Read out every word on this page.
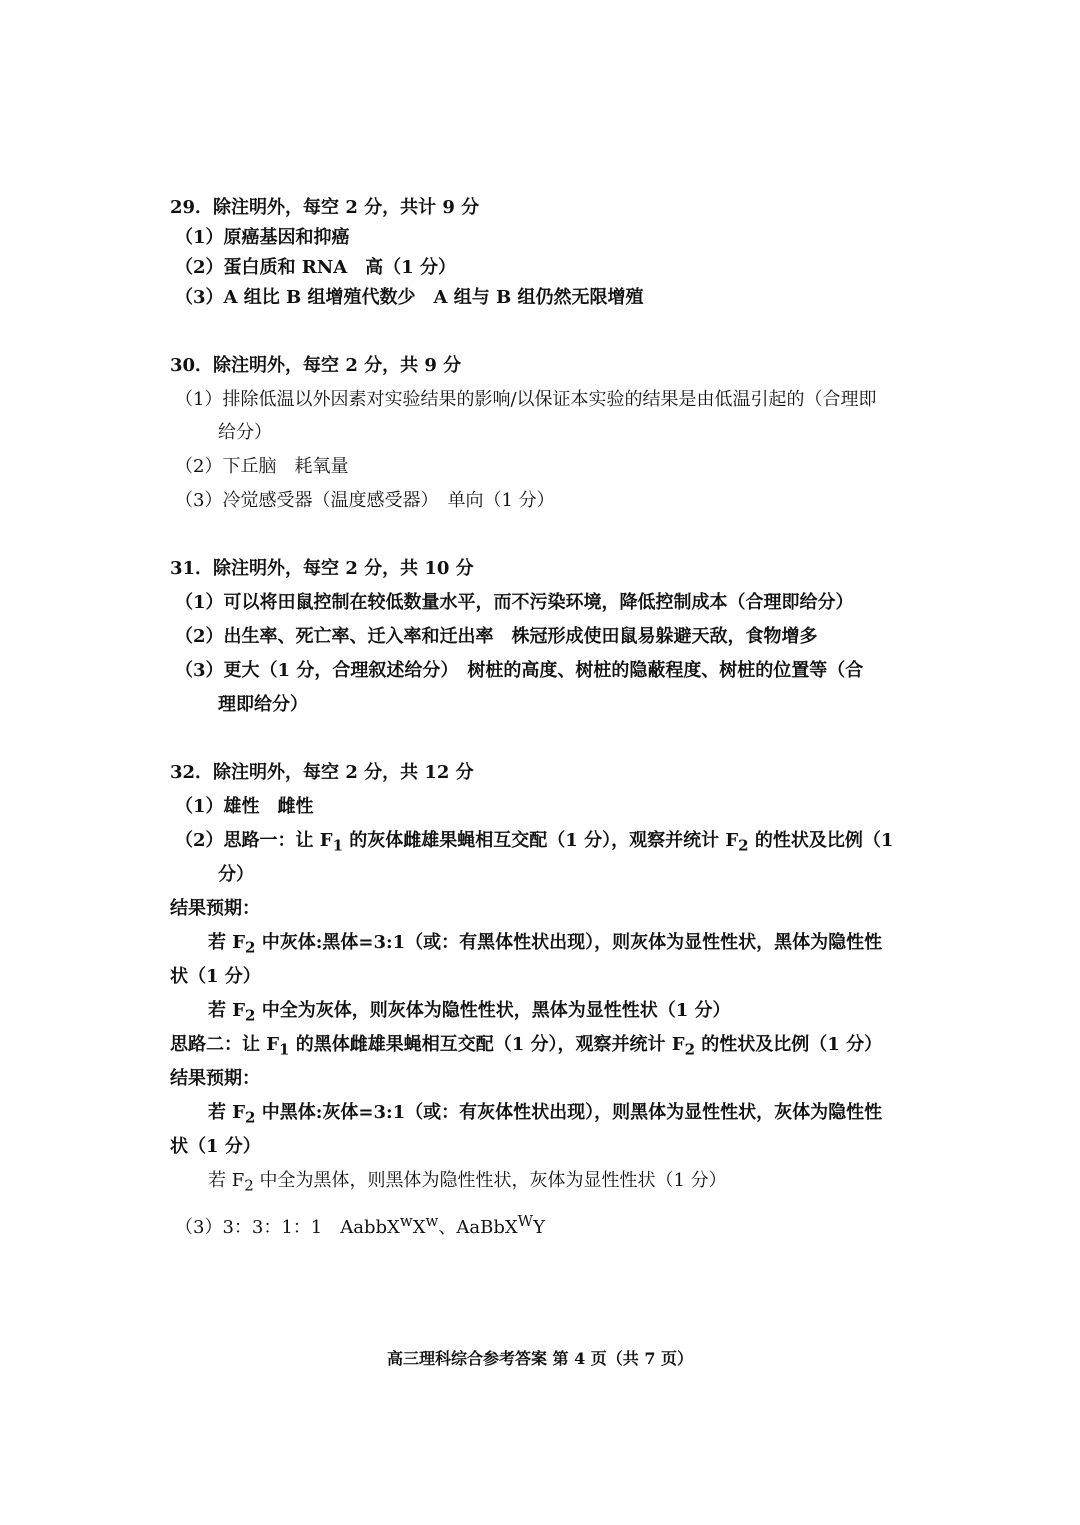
29．除注明外，每空 2 分，共计 9 分
（1）原癌基因和抑癌
（2）蛋白质和 RNA　高（1 分）
（3）A 组比 B 组增殖代数少　A 组与 B 组仍然无限增殖
30．除注明外，每空 2 分，共 9 分
（1）排除低温以外因素对实验结果的影响/以保证本实验的结果是由低温引起的（合理即
给分）
（2）下丘脑　耗氧量
（3）冷觉感受器（温度感受器）　单向（1 分）
31．除注明外，每空 2 分，共 10 分
（1）可以将田鼠控制在较低数量水平，而不污染环境，降低控制成本（合理即给分）
（2）出生率、死亡率、迁入率和迁出率　株冠形成使田鼠易躲避天敌，食物增多
（3）更大（1 分，合理叙述给分）　树桩的高度、树桩的隐蔽程度、树桩的位置等（合
理即给分）
32．除注明外，每空 2 分，共 12 分
（1）雄性　雌性
（2）思路一：让 $F_1$ 的灰体雌雄果蝇相互交配（1 分），观察并统计 $F_2$ 的性状及比例（1
分）
结果预期：
若 $F_2$ 中灰体:黑体=3:1（或：有黑体性状出现），则灰体为显性性状，黑体为隐性性
状（1 分）
若 $F_2$ 中全为灰体，则灰体为隐性性状，黑体为显性性状（1 分）
思路二：让 $F_1$ 的黑体雌雄果蝇相互交配（1 分），观察并统计 $F_2$ 的性状及比例（1 分）
结果预期：
若 $F_2$ 中黑体:灰体=3:1（或：有灰体性状出现），则黑体为显性性状，灰体为隐性性
状（1 分）
若 $F_2$ 中全为黑体，则黑体为隐性性状，灰体为显性性状（1 分）
（3）3：3：1：1　$AabbX^wX^w$、AaBbX$^W$Y
高三理科综合参考答案 第 4 页（共 7 页）
